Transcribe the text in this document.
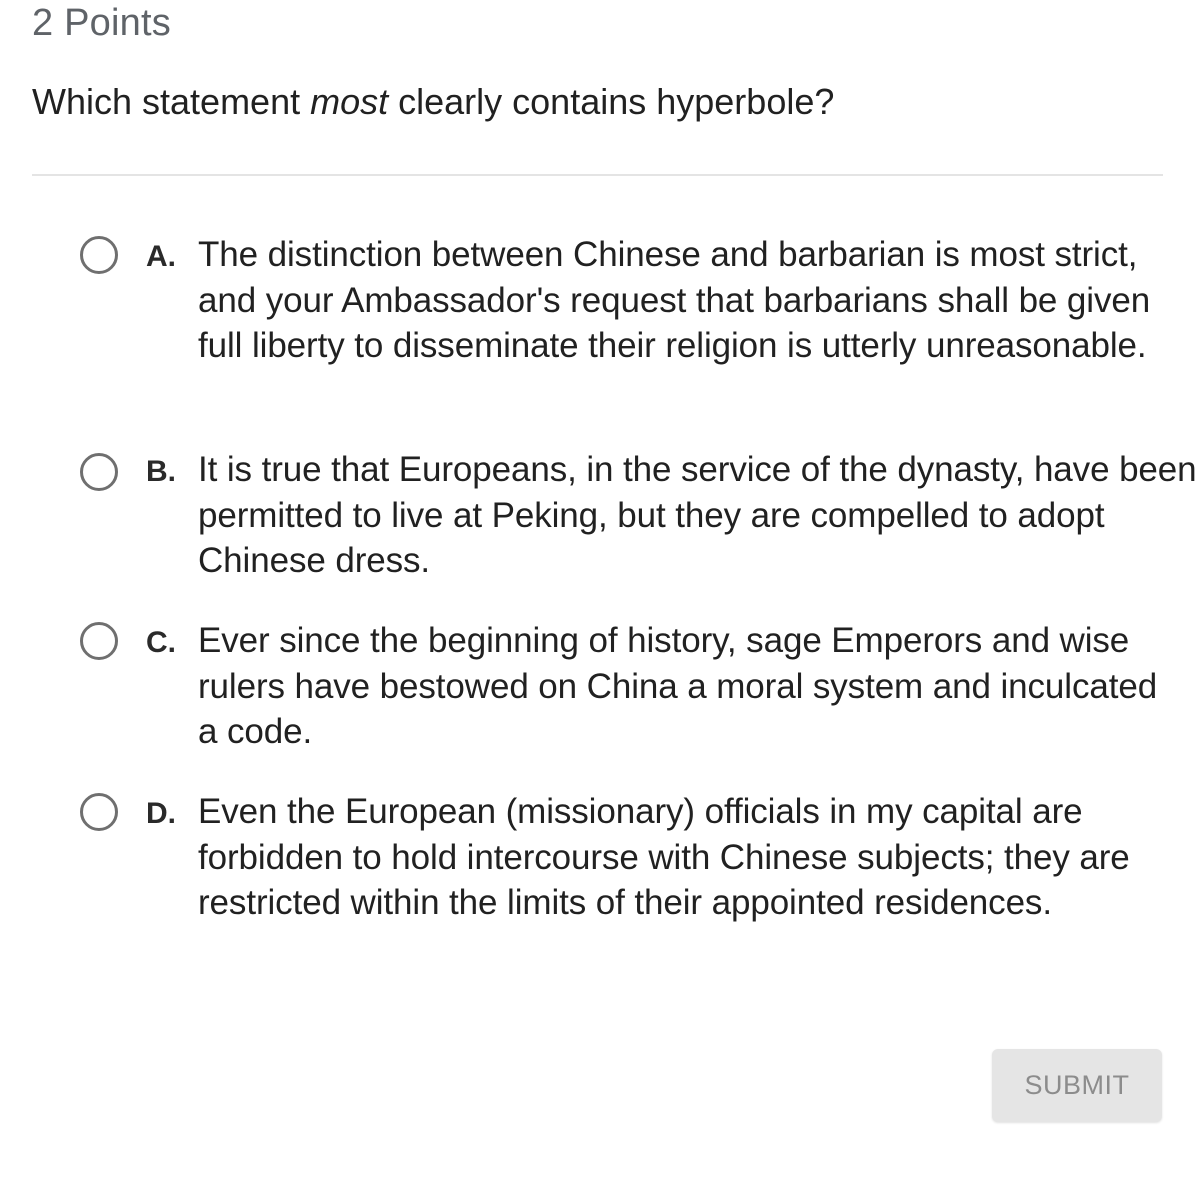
2 Points
Which statement most clearly contains hyperbole?
A. The distinction between Chinese and barbarian is most strict, and your Ambassador's request that barbarians shall be given full liberty to disseminate their religion is utterly unreasonable.
B. It is true that Europeans, in the service of the dynasty, have been permitted to live at Peking, but they are compelled to adopt Chinese dress.
C. Ever since the beginning of history, sage Emperors and wise rulers have bestowed on China a moral system and inculcated a code.
D. Even the European (missionary) officials in my capital are forbidden to hold intercourse with Chinese subjects; they are restricted within the limits of their appointed residences.
SUBMIT
